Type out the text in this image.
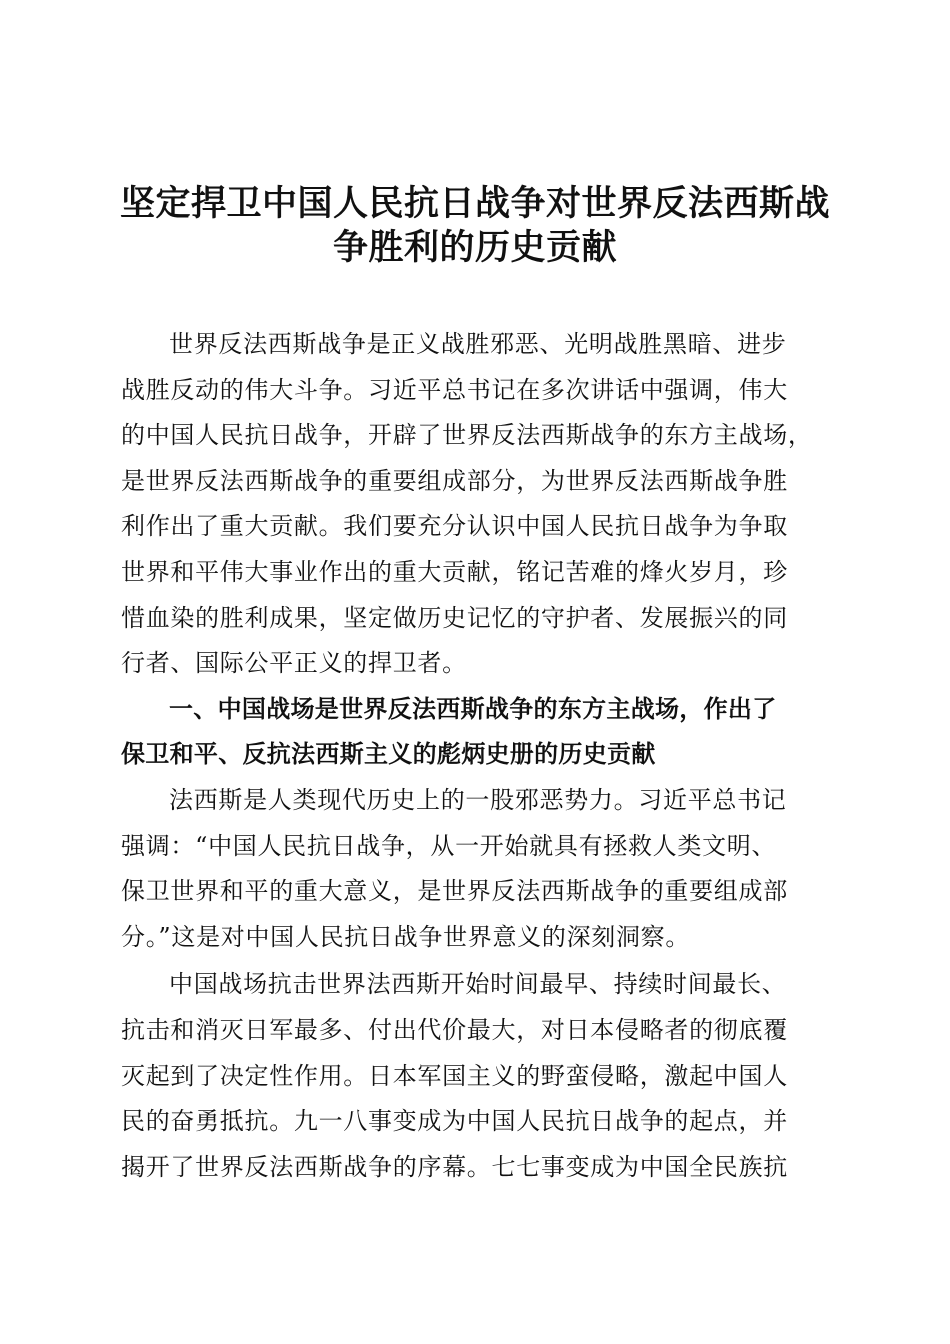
坚定捍卫中国人民抗日战争对世界反法西斯战
争胜利的历史贡献
世界反法西斯战争是正义战胜邪恶、光明战胜黑暗、进步
战胜反动的伟大斗争。习近平总书记在多次讲话中强调，伟大
的中国人民抗日战争，开辟了世界反法西斯战争的东方主战场，
是世界反法西斯战争的重要组成部分，为世界反法西斯战争胜
利作出了重大贡献。我们要充分认识中国人民抗日战争为争取
世界和平伟大事业作出的重大贡献，铭记苦难的烽火岁月，珍
惜血染的胜利成果，坚定做历史记忆的守护者、发展振兴的同
行者、国际公平正义的捍卫者。
一、中国战场是世界反法西斯战争的东方主战场，作出了
保卫和平、反抗法西斯主义的彪炳史册的历史贡献
法西斯是人类现代历史上的一股邪恶势力。习近平总书记
强调：“中国人民抗日战争，从一开始就具有拯救人类文明、
保卫世界和平的重大意义，是世界反法西斯战争的重要组成部
分。”这是对中国人民抗日战争世界意义的深刻洞察。
中国战场抗击世界法西斯开始时间最早、持续时间最长、
抗击和消灭日军最多、付出代价最大，对日本侵略者的彻底覆
灭起到了决定性作用。日本军国主义的野蛮侵略，激起中国人
民的奋勇抵抗。九一八事变成为中国人民抗日战争的起点，并
揭开了世界反法西斯战争的序幕。七七事变成为中国全民族抗
